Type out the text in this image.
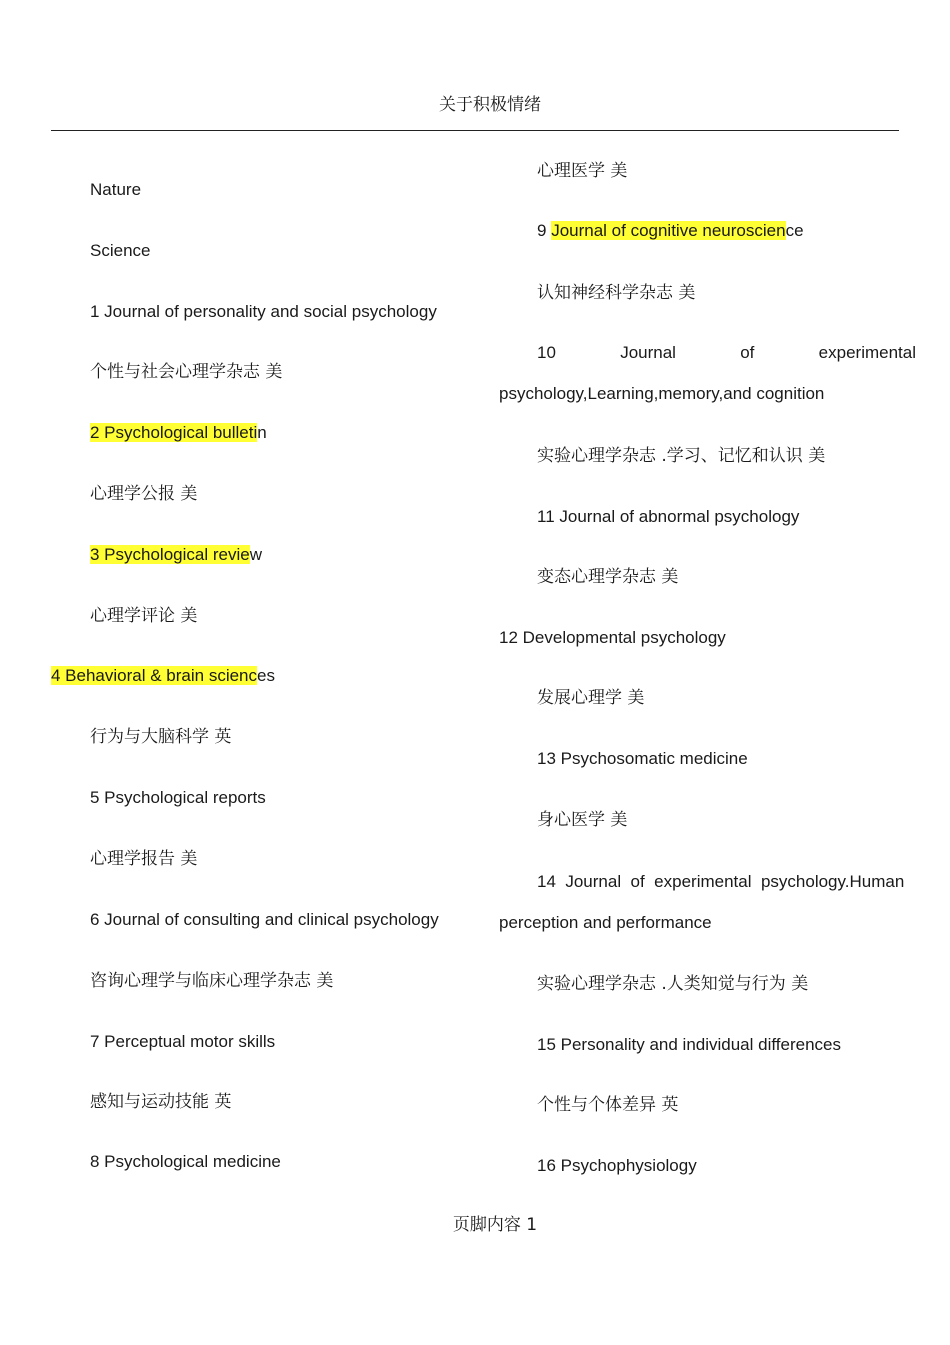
关于积极情绪
Nature
Science
1 Journal of personality and social psychology
个性与社会心理学杂志 美
2 Psychological bulletin
心理学公报 美
3 Psychological review
心理学评论 美
4 Behavioral & brain sciences
行为与大脑科学 英
5 Psychological reports
心理学报告 美
6 Journal of consulting and clinical psychology
咨询心理学与临床心理学杂志 美
7 Perceptual motor skills
感知与运动技能 英
8 Psychological medicine
心理医学 美
9 Journal of cognitive neuroscience
认知神经科学杂志 美
10	Journal	of	experimental
psychology,Learning,memory,and cognition
实验心理学杂志 .学习、记忆和认识 美
11 Journal of abnormal psychology
变态心理学杂志 美
12 Developmental psychology
发展心理学 美
13 Psychosomatic medicine
身心医学 美
14  Journal  of  experimental  psychology.Human
perception and performance
实验心理学杂志 .人类知觉与行为 美
15 Personality and individual differences
个性与个体差异 英
16 Psychophysiology
页脚内容 1
